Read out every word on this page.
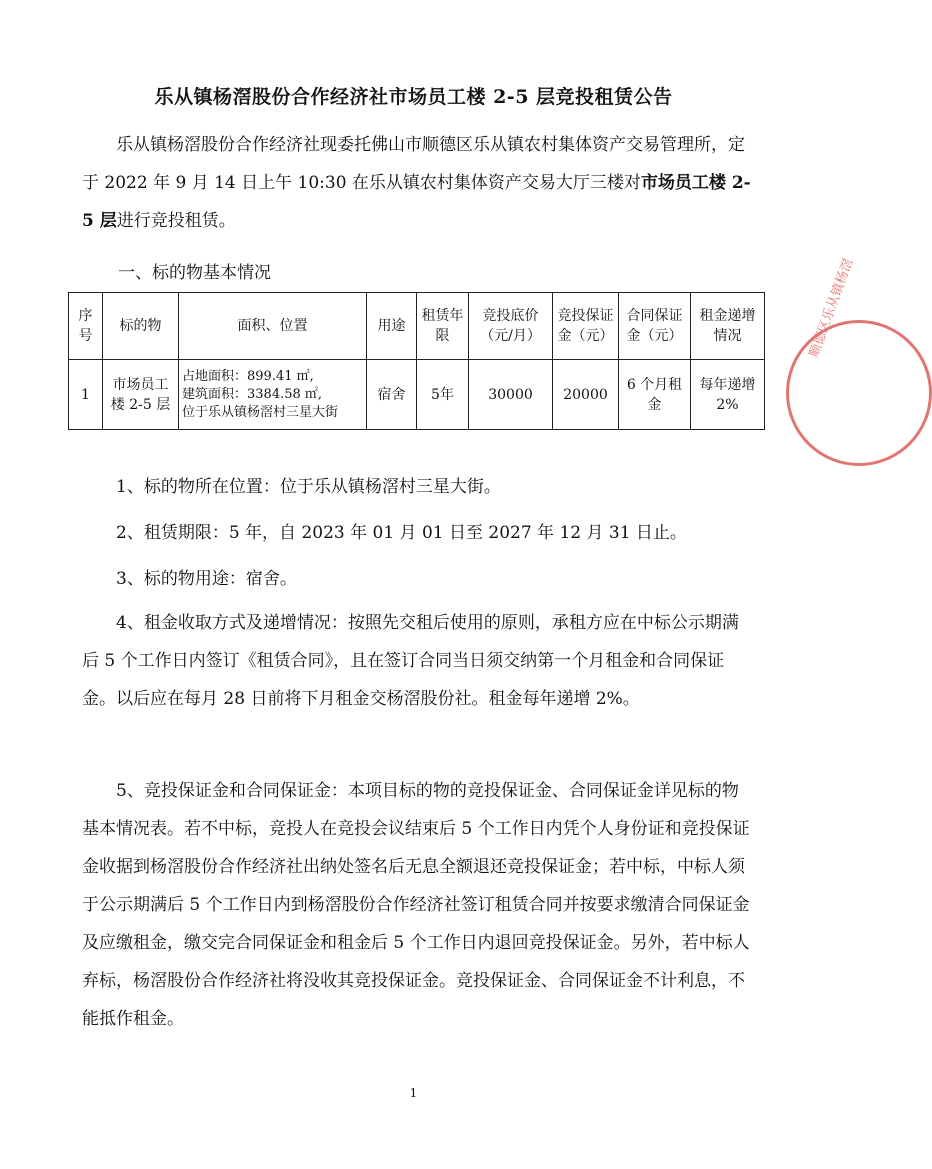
乐从镇杨滘股份合作经济社市场员工楼 2-5 层竞投租赁公告
乐从镇杨滘股份合作经济社现委托佛山市顺德区乐从镇农村集体资产交易管理所，定于 2022 年 9 月 14 日上午 10:30 在乐从镇农村集体资产交易大厅三楼对市场员工楼 2-5 层进行竞投租赁。
一、标的物基本情况
序号	标的物	面积、位置	用途	租赁年限	竞投底价（元/月）	竞投保证金（元）	合同保证金（元）	租金递增情况
1	市场员工楼 2-5 层	占地面积：899.41 ㎡,
建筑面积：3384.58 ㎡,
位于乐从镇杨滘村三星大街	宿舍	5年	30000	20000	6 个月租金	每年递增 2%
1、标的物所在位置：位于乐从镇杨滘村三星大街。
2、租赁期限：5 年，自 2023 年 01 月 01 日至 2027 年 12 月 31 日止。
3、标的物用途：宿舍。
4、租金收取方式及递增情况：按照先交租后使用的原则，承租方应在中标公示期满后 5 个工作日内签订《租赁合同》，且在签订合同当日须交纳第一个月租金和合同保证金。以后应在每月 28 日前将下月租金交杨滘股份社。租金每年递增 2%。
5、竞投保证金和合同保证金：本项目标的物的竞投保证金、合同保证金详见标的物基本情况表。若不中标，竞投人在竞投会议结束后 5 个工作日内凭个人身份证和竞投保证金收据到杨滘股份合作经济社出纳处签名后无息全额退还竞投保证金；若中标，中标人须于公示期满后 5 个工作日内到杨滘股份合作经济社签订租赁合同并按要求缴清合同保证金及应缴租金，缴交完合同保证金和租金后 5 个工作日内退回竞投保证金。另外，若中标人弃标，杨滘股份合作经济社将没收其竞投保证金。竞投保证金、合同保证金不计利息，不能抵作租金。
1
顺德区乐从镇杨滘
